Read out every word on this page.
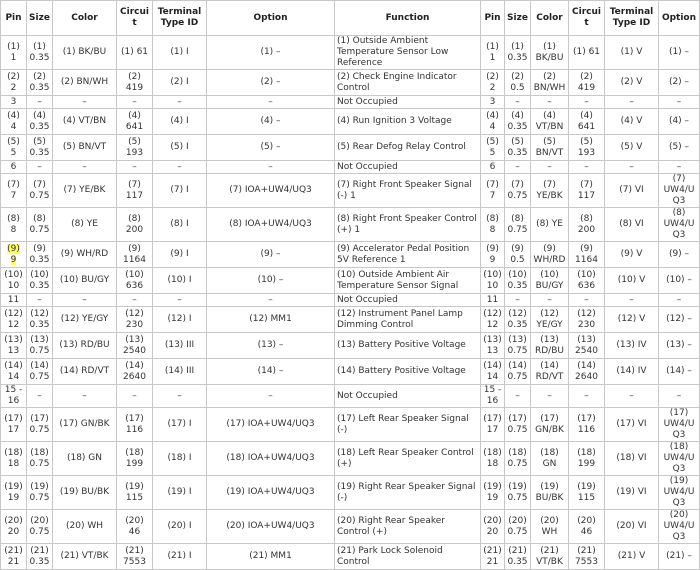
Pin	Size	Color	Circuit	Terminal Type ID	Option	Function	Pin	Size	Color	Circuit	Terminal Type ID	Option
(1) 1	(1) 0.35	(1) BK/BU	(1) 61	(1) I	(1) –	(1) Outside Ambient Temperature Sensor Low Reference	(1) 1	(1) 0.35	(1) BK/BU	(1) 61	(1) V	(1) –
(2) 2	(2) 0.35	(2) BN/WH	(2) 419	(2) I	(2) –	(2) Check Engine Indicator Control	(2) 2	(2) 0.5	(2) BN/WH	(2) 419	(2) V	(2) –
3	–	–	–	–	–	Not Occupied	3	–	–	–	–	–
(4) 4	(4) 0.35	(4) VT/BN	(4) 641	(4) I	(4) –	(4) Run Ignition 3 Voltage	(4) 4	(4) 0.35	(4) VT/BN	(4) 641	(4) V	(4) –
(5) 5	(5) 0.35	(5) BN/VT	(5) 193	(5) I	(5) –	(5) Rear Defog Relay Control	(5) 5	(5) 0.35	(5) BN/VT	(5) 193	(5) V	(5) –
6	–	–	–	–	–	Not Occupied	6	–	–	–	–	–
(7) 7	(7) 0.75	(7) YE/BK	(7) 117	(7) I	(7) IOA+UW4/UQ3	(7) Right Front Speaker Signal (-) 1	(7) 7	(7) 0.75	(7) YE/BK	(7) 117	(7) VI	(7) UW4/UQ3
(8) 8	(8) 0.75	(8) YE	(8) 200	(8) I	(8) IOA+UW4/UQ3	(8) Right Front Speaker Control (+) 1	(8) 8	(8) 0.75	(8) YE	(8) 200	(8) VI	(8) UW4/UQ3
(9) 9	(9) 0.35	(9) WH/RD	(9) 1164	(9) I	(9) –	(9) Accelerator Pedal Position 5V Reference 1	(9) 9	(9) 0.5	(9) WH/RD	(9) 1164	(9) V	(9) –
(10) 10	(10) 0.35	(10) BU/GY	(10) 636	(10) I	(10) –	(10) Outside Ambient Air Temperature Sensor Signal	(10) 10	(10) 0.35	(10) BU/GY	(10) 636	(10) V	(10) –
11	–	–	–	–	–	Not Occupied	11	–	–	–	–	–
(12) 12	(12) 0.35	(12) YE/GY	(12) 230	(12) I	(12) MM1	(12) Instrument Panel Lamp Dimming Control	(12) 12	(12) 0.35	(12) YE/GY	(12) 230	(12) V	(12) –
(13) 13	(13) 0.75	(13) RD/BU	(13) 2540	(13) III	(13) –	(13) Battery Positive Voltage	(13) 13	(13) 0.75	(13) RD/BU	(13) 2540	(13) IV	(13) –
(14) 14	(14) 0.75	(14) RD/VT	(14) 2640	(14) III	(14) –	(14) Battery Positive Voltage	(14) 14	(14) 0.75	(14) RD/VT	(14) 2640	(14) IV	(14) –
15 - 16	–	–	–	–	–	Not Occupied	15 - 16	–	–	–	–	–
(17) 17	(17) 0.75	(17) GN/BK	(17) 116	(17) I	(17) IOA+UW4/UQ3	(17) Left Rear Speaker Signal (-)	(17) 17	(17) 0.75	(17) GN/BK	(17) 116	(17) VI	(17) UW4/UQ3
(18) 18	(18) 0.75	(18) GN	(18) 199	(18) I	(18) IOA+UW4/UQ3	(18) Left Rear Speaker Control (+)	(18) 18	(18) 0.75	(18) GN	(18) 199	(18) VI	(18) UW4/UQ3
(19) 19	(19) 0.75	(19) BU/BK	(19) 115	(19) I	(19) IOA+UW4/UQ3	(19) Right Rear Speaker Signal (-)	(19) 19	(19) 0.75	(19) BU/BK	(19) 115	(19) VI	(19) UW4/UQ3
(20) 20	(20) 0.75	(20) WH	(20) 46	(20) I	(20) IOA+UW4/UQ3	(20) Right Rear Speaker Control (+)	(20) 20	(20) 0.75	(20) WH	(20) 46	(20) VI	(20) UW4/UQ3
(21) 21	(21) 0.35	(21) VT/BK	(21) 7553	(21) I	(21) MM1	(21) Park Lock Solenoid Control	(21) 21	(21) 0.35	(21) VT/BK	(21) 7553	(21) V	(21) –
